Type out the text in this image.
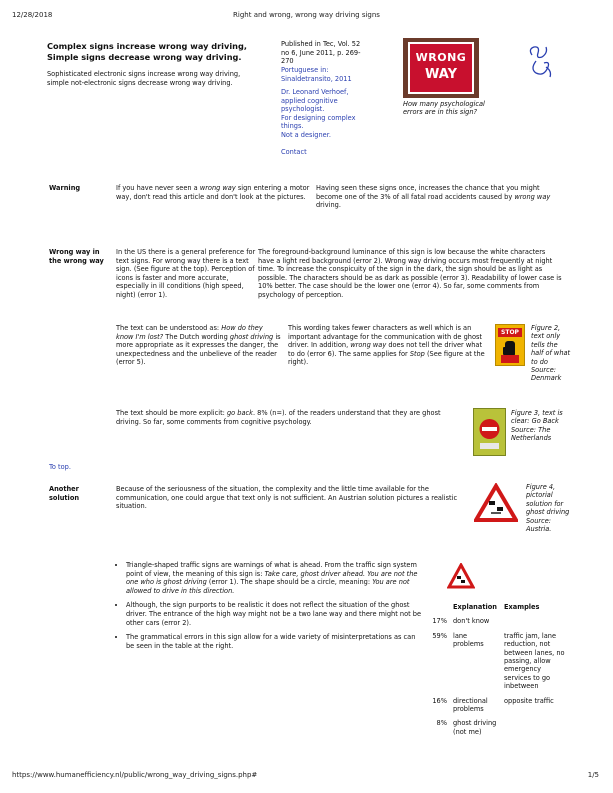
12/28/2018	Right and wrong, wrong way driving signs
https://www.humanefficiency.nl/public/wrong_way_driving_signs.php#	1/5
Complex signs increase wrong way driving,
Simple signs decrease wrong way driving.
Sophisticated electronic signs increase wrong way driving, simple not-electronic signs decrease wrong way driving.
Published in Tec, Vol. 52
no 6, June 2011, p. 269-
270
Portuguese in:
Sinaldetransito, 2011
Dr. Leonard Verhoef,
applied cognitive
psychologist.
For designing complex
things.
Not a designer.
Contact
WRONG
WAY
How many psychological errors are in this sign?
Warning	If you have never seen a wrong way sign entering a motor way, don't read this article and don't look at the pictures.
Having seen these signs once, increases the chance that you might become one of the 3% of all fatal road accidents caused by wrong way driving.
Wrong way in
the wrong way
In the US there is a general preference for text signs. For wrong way there is a text sign. (See figure at the top). Perception of icons is faster and more accurate, especially in ill conditions (high speed, night) (error 1).
The foreground-background luminance of this sign is low because the white characters have a light red background (error 2). Wrong way driving occurs most frequently at night time. To increase the conspicuity of the sign in the dark, the sign should be as light as possible. The characters should be as dark as possible (error 3). Readability of lower case is 10% better. The case should be the lower one (error 4). So far, some comments from psychology of perception.
The text can be understood as: How do they know I'm lost? The Dutch wording ghost driving is more appropriate as it expresses the danger, the unexpectedness and the unbelieve of the reader (error 5).
This wording takes fewer characters as well which is an important advantage for the communication with de ghost driver. In addition, wrong way does not tell the driver what to do (error 6). The same applies for Stop (See figure at the right).
STOP
Figure 2, text only tells the half of what to do
Source: Denmark
The text should be more explicit: go back. 8% (n=). of the readers understand that they are ghost driving. So far, some comments from cognitive psychology.
Figure 3, text is clear: Go Back
Source: The Netherlands
To top.
Another
solution
Because of the seriousness of the situation, the complexity and the little time available for the communication, one could argue that text only is not sufficient. An Austrian solution pictures a realistic situation.
Figure 4, pictorial solution for ghost driving
Source: Austria.
• Triangle-shaped traffic signs are warnings of what is ahead. From the traffic sign system point of view, the meaning of this sign is: Take care, ghost driver ahead. You are not the one who is ghost driving (error 1). The shape should be a circle, meaning: You are not allowed to drive in this direction.
• Although, the sign purports to be realistic it does not reflect the situation of the ghost driver. The entrance of the high way might not be a two lane way and there might not be other cars (error 2).
• The grammatical errors in this sign allow for a wide variety of misinterpretations as can be seen in the table at the right.
	Explanation	Examples
17%	don't know	
59%	lane problems	traffic jam, lane reduction, not between lanes, no passing, allow emergency services to go inbetween
16%	directional problems	opposite traffic
8%	ghost driving (not me)	
